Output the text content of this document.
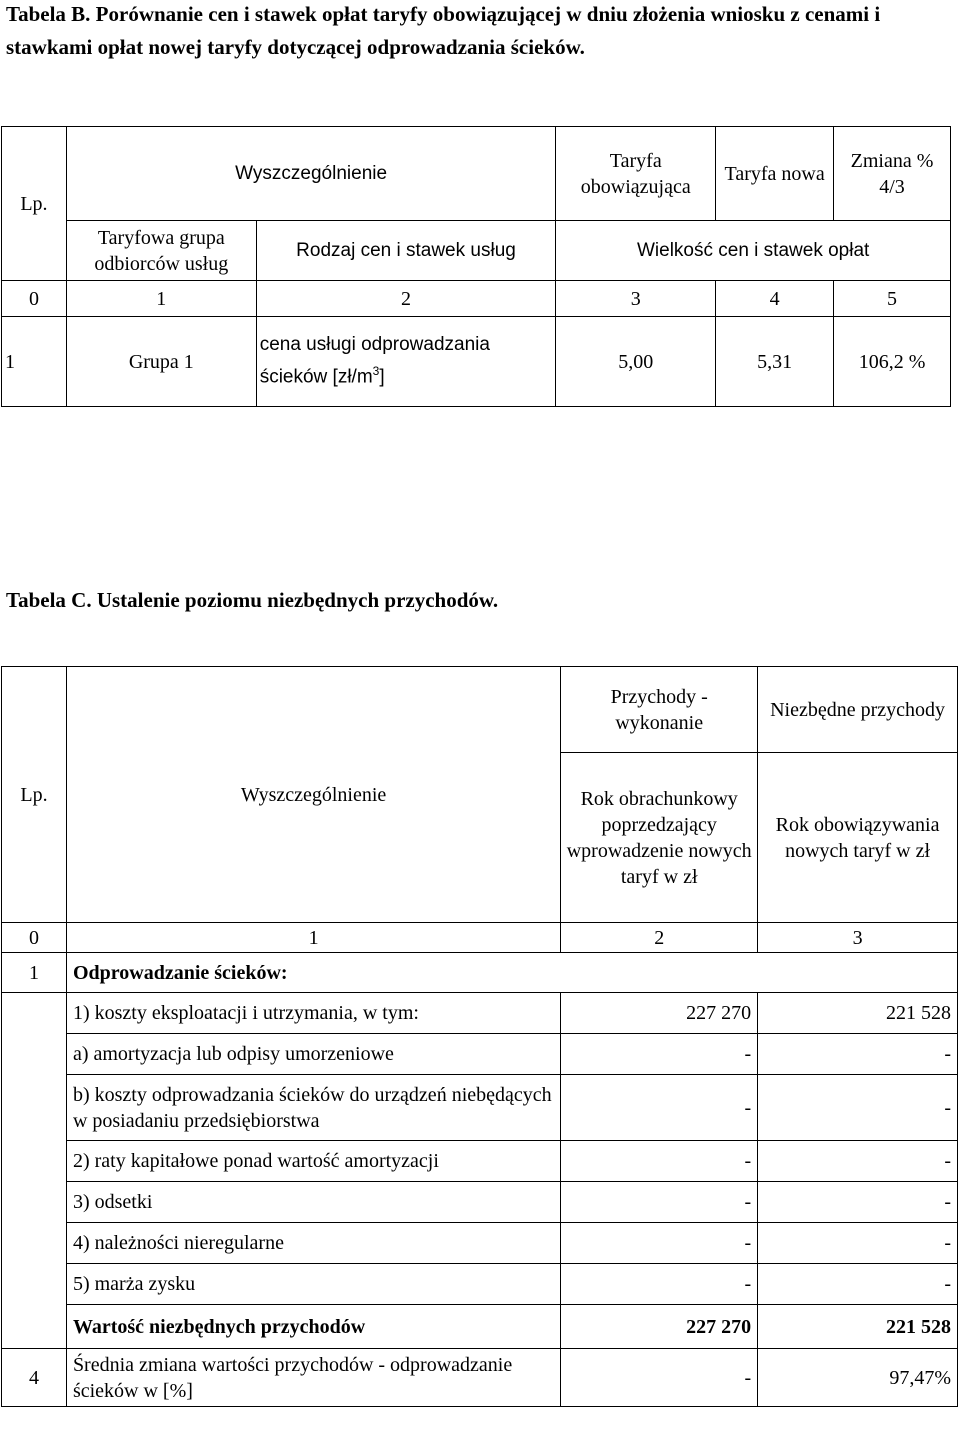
Tabela B. Porównanie cen i stawek opłat taryfy obowiązującej w dniu złożenia wniosku z cenami i stawkami opłat nowej taryfy dotyczącej odprowadzania ścieków.

Lp.	Wyszczególnienie		Taryfa obowiązująca	Taryfa nowa	Zmiana % 4/3
	Taryfowa grupa odbiorców usług	Rodzaj cen i stawek usług	Wielkość cen i stawek opłat		
0	1	2	3	4	5
1	Grupa 1	cena usługi odprowadzania ścieków $[zł/m^3]$	5,00	5,31	106,2 %

Tabela C. Ustalenie poziomu niezbędnych przychodów.

Lp.	Wyszczególnienie	Przychody - wykonanie	Niezbędne przychody
		Rok obrachunkowy poprzedzający wprowadzenie nowych taryf w zł	Rok obowiązywania nowych taryf w zł
0	1	2	3
1	Odprowadzanie ścieków:		
	1) koszty eksploatacji i utrzymania, w tym:	227 270	221 528
	a) amortyzacja lub odpisy umorzeniowe	-	-
	b) koszty odprowadzania ścieków do urządzeń niebędących w posiadaniu przedsiębiorstwa	-	-
	2) raty kapitałowe ponad wartość amortyzacji	-	-
	3) odsetki	-	-
	4) należności nieregularne	-	-
	5) marża zysku	-	-
	Wartość niezbędnych przychodów	227 270	221 528
4	Średnia zmiana wartości przychodów - odprowadzanie ścieków w [%]	-	97,47%
